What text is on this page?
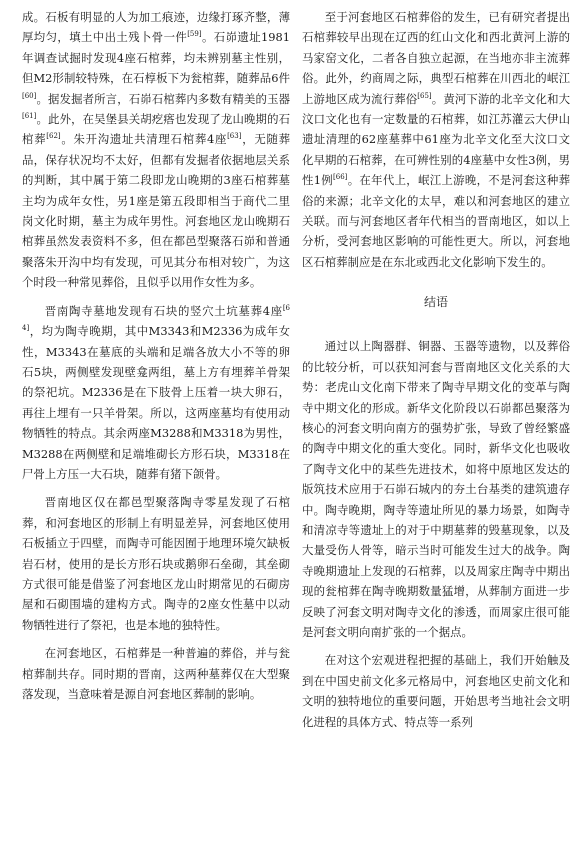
成。石板有明显的人为加工痕迹，边缘打琢齐整，薄厚均匀，填土中出土残卜骨一件[59]。石峁遗址1981年调查试掘时发现4座石棺葬，均未辨别墓主性别，但M2形制较特殊，在石椁板下为瓮棺葬，随葬品6件[60]。据发掘者所言，石峁石棺葬内多数有精美的玉器[61]。此外，在吴堡县关胡疙瘩也发现了龙山晚期的石棺葬[62]。朱开沟遗址共清理石棺葬4座[63]，无随葬品，保存状况均不太好，但都有发掘者依据地层关系的判断，其中属于第二段即龙山晚期的3座石棺葬墓主均为成年女性，另1座是第五段即相当于商代二里岗文化时期，墓主为成年男性。河套地区龙山晚期石棺葬虽然发表资料不多，但在都邑型聚落石峁和普通聚落朱开沟中均有发现，可见其分布相对较广，为这个时段一种常见葬俗，且似乎以用作女性为多。

晋南陶寺墓地发现有石块的竖穴土坑墓葬4座[64]，均为陶寺晚期，其中M3343和M2336为成年女性，M3343在墓底的头端和足端各放大小不等的卵石5块，两侧壁发现壁龛两组，墓上方有埋葬羊骨架的祭祀坑。M2336是在下肢骨上压着一块大卵石，再往上埋有一只羊骨架。所以，这两座墓均有使用动物牺牲的特点。其余两座M3288和M3318为男性，M3288在两侧壁和足端堆砌长方形石块，M3318在尸骨上方压一大石块，随葬有猪下颌骨。

晋南地区仅在都邑型聚落陶寺零星发现了石棺葬，和河套地区的形制上有明显差异，河套地区使用石板插立于四壁，而陶寺可能因囿于地理环境欠缺板岩石材，使用的是长方形石块或鹅卵石垒砌，其垒砌方式很可能是借鉴了河套地区龙山时期常见的石砌房屋和石砌围墙的建构方式。陶寺的2座女性墓中以动物牺牲进行了祭祀，也是本地的独特性。

在河套地区，石棺葬是一种普遍的葬俗，并与瓮棺葬制共存。同时期的晋南，这两种墓葬仅在大型聚落发现，当意味着是源自河套地区葬制的影响。

至于河套地区石棺葬俗的发生，已有研究者提出石棺葬较早出现在辽西的红山文化和西北黄河上游的马家窑文化，二者各自独立起源，在当地亦非主流葬俗。此外，约商周之际，典型石棺葬在川西北的岷江上游地区成为流行葬俗[65]。黄河下游的北辛文化和大汶口文化也有一定数量的石棺葬，如江苏灌云大伊山遗址清理的62座墓葬中61座为北辛文化至大汶口文化早期的石棺葬，在可辨性别的4座墓中女性3例，男性1例[66]。在年代上，岷江上游晚，不是河套这种葬俗的来源；北辛文化的太早，难以和河套地区的建立关联。而与河套地区者年代相当的晋南地区，如以上分析，受河套地区影响的可能性更大。所以，河套地区石棺葬制应是在东北或西北文化影响下发生的。

结语

通过以上陶器群、铜器、玉器等遗物，以及葬俗的比较分析，可以获知河套与晋南地区文化关系的大势：老虎山文化南下带来了陶寺早期文化的变革与陶寺中期文化的形成。新华文化阶段以石峁都邑聚落为核心的河套文明向南方的强势扩张，导致了曾经繁盛的陶寺中期文化的重大变化。同时，新华文化也吸收了陶寺文化中的某些先进技术，如将中原地区发达的版筑技术应用于石峁石城内的夯土台基类的建筑遗存中。陶寺晚期，陶寺等遗址所见的暴力场景，如陶寺和清凉寺等遗址上的对于中期墓葬的毁墓现象，以及大量受伤人骨等，暗示当时可能发生过大的战争。陶寺晚期遗址上发现的石棺葬，以及周家庄陶寺中期出现的瓮棺葬在陶寺晚期数量猛增，从葬制方面进一步反映了河套文明对陶寺文化的渗透，而周家庄很可能是河套文明向南扩张的一个据点。

在对这个宏观进程把握的基础上，我们开始触及到在中国史前文化多元格局中，河套地区史前文化和文明的独特地位的重要问题，开始思考当地社会文明化进程的具体方式、特点等一系列
